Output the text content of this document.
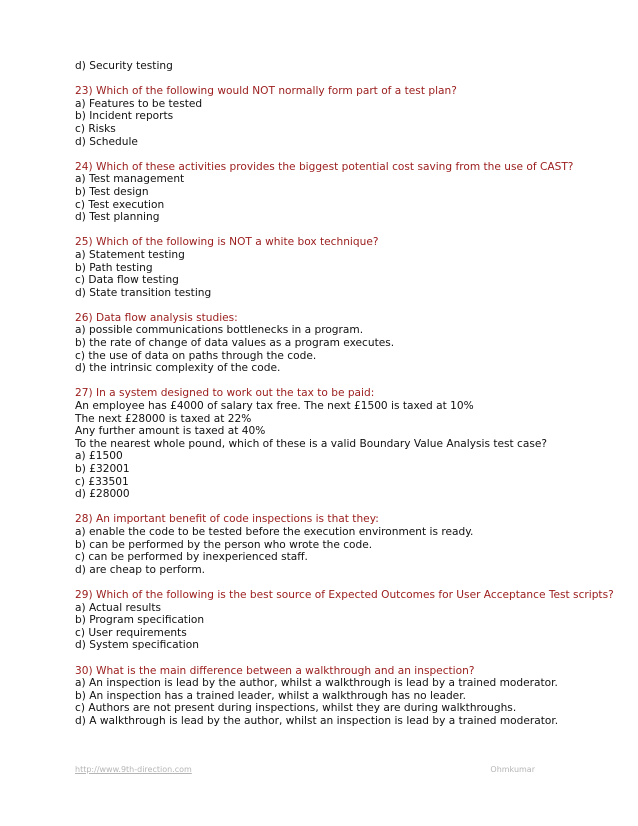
d) Security testing
23) Which of the following would NOT normally form part of a test plan?
a) Features to be tested
b) Incident reports
c) Risks
d) Schedule
24) Which of these activities provides the biggest potential cost saving from the use of CAST?
a) Test management
b) Test design
c) Test execution
d) Test planning
25) Which of the following is NOT a white box technique?
a) Statement testing
b) Path testing
c) Data flow testing
d) State transition testing
26) Data flow analysis studies:
a) possible communications bottlenecks in a program.
b) the rate of change of data values as a program executes.
c) the use of data on paths through the code.
d) the intrinsic complexity of the code.
27) In a system designed to work out the tax to be paid:
An employee has £4000 of salary tax free. The next £1500 is taxed at 10%
The next £28000 is taxed at 22%
Any further amount is taxed at 40%
To the nearest whole pound, which of these is a valid Boundary Value Analysis test case?
a) £1500
b) £32001
c) £33501
d) £28000
28) An important benefit of code inspections is that they:
a) enable the code to be tested before the execution environment is ready.
b) can be performed by the person who wrote the code.
c) can be performed by inexperienced staff.
d) are cheap to perform.
29) Which of the following is the best source of Expected Outcomes for User Acceptance Test scripts?
a) Actual results
b) Program specification
c) User requirements
d) System specification
30) What is the main difference between a walkthrough and an inspection?
a) An inspection is lead by the author, whilst a walkthrough is lead by a trained moderator.
b) An inspection has a trained leader, whilst a walkthrough has no leader.
c) Authors are not present during inspections, whilst they are during walkthroughs.
d) A walkthrough is lead by the author, whilst an inspection is lead by a trained moderator.
http://www.9th-direction.com	Ohmkumar
